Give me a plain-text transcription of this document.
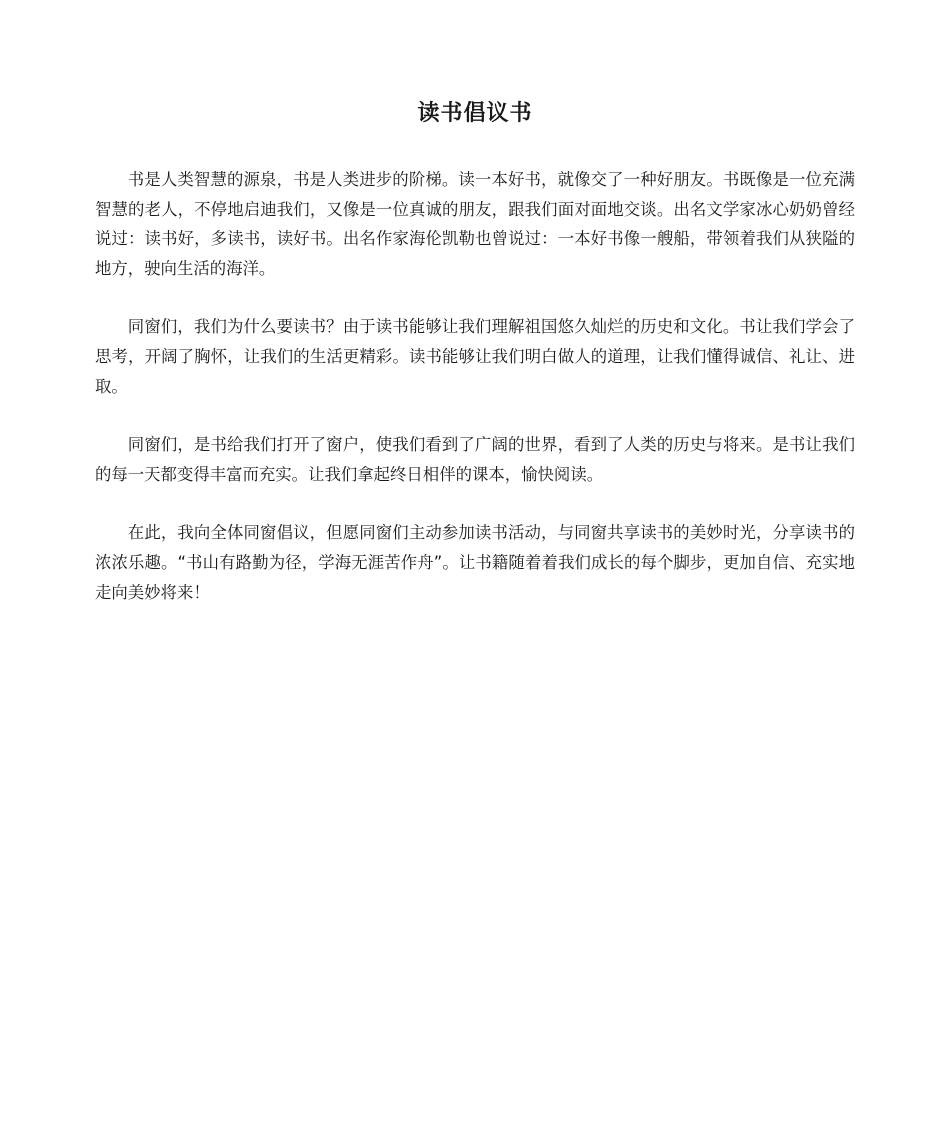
读书倡议书

书是人类智慧的源泉，书是人类进步的阶梯。读一本好书，就像交了一种好朋友。书既像是一位充满智慧的老人，不停地启迪我们，又像是一位真诚的朋友，跟我们面对面地交谈。出名文学家冰心奶奶曾经说过：读书好，多读书，读好书。出名作家海伦凯勒也曾说过：一本好书像一艘船，带领着我们从狭隘的地方，驶向生活的海洋。

同窗们，我们为什么要读书？由于读书能够让我们理解祖国悠久灿烂的历史和文化。书让我们学会了思考，开阔了胸怀，让我们的生活更精彩。读书能够让我们明白做人的道理，让我们懂得诚信、礼让、进取。

同窗们，是书给我们打开了窗户，使我们看到了广阔的世界，看到了人类的历史与将来。是书让我们的每一天都变得丰富而充实。让我们拿起终日相伴的课本，愉快阅读。

在此，我向全体同窗倡议，但愿同窗们主动参加读书活动，与同窗共享读书的美妙时光，分享读书的浓浓乐趣。“书山有路勤为径，学海无涯苦作舟”。让书籍随着着我们成长的每个脚步，更加自信、充实地走向美妙将来！
